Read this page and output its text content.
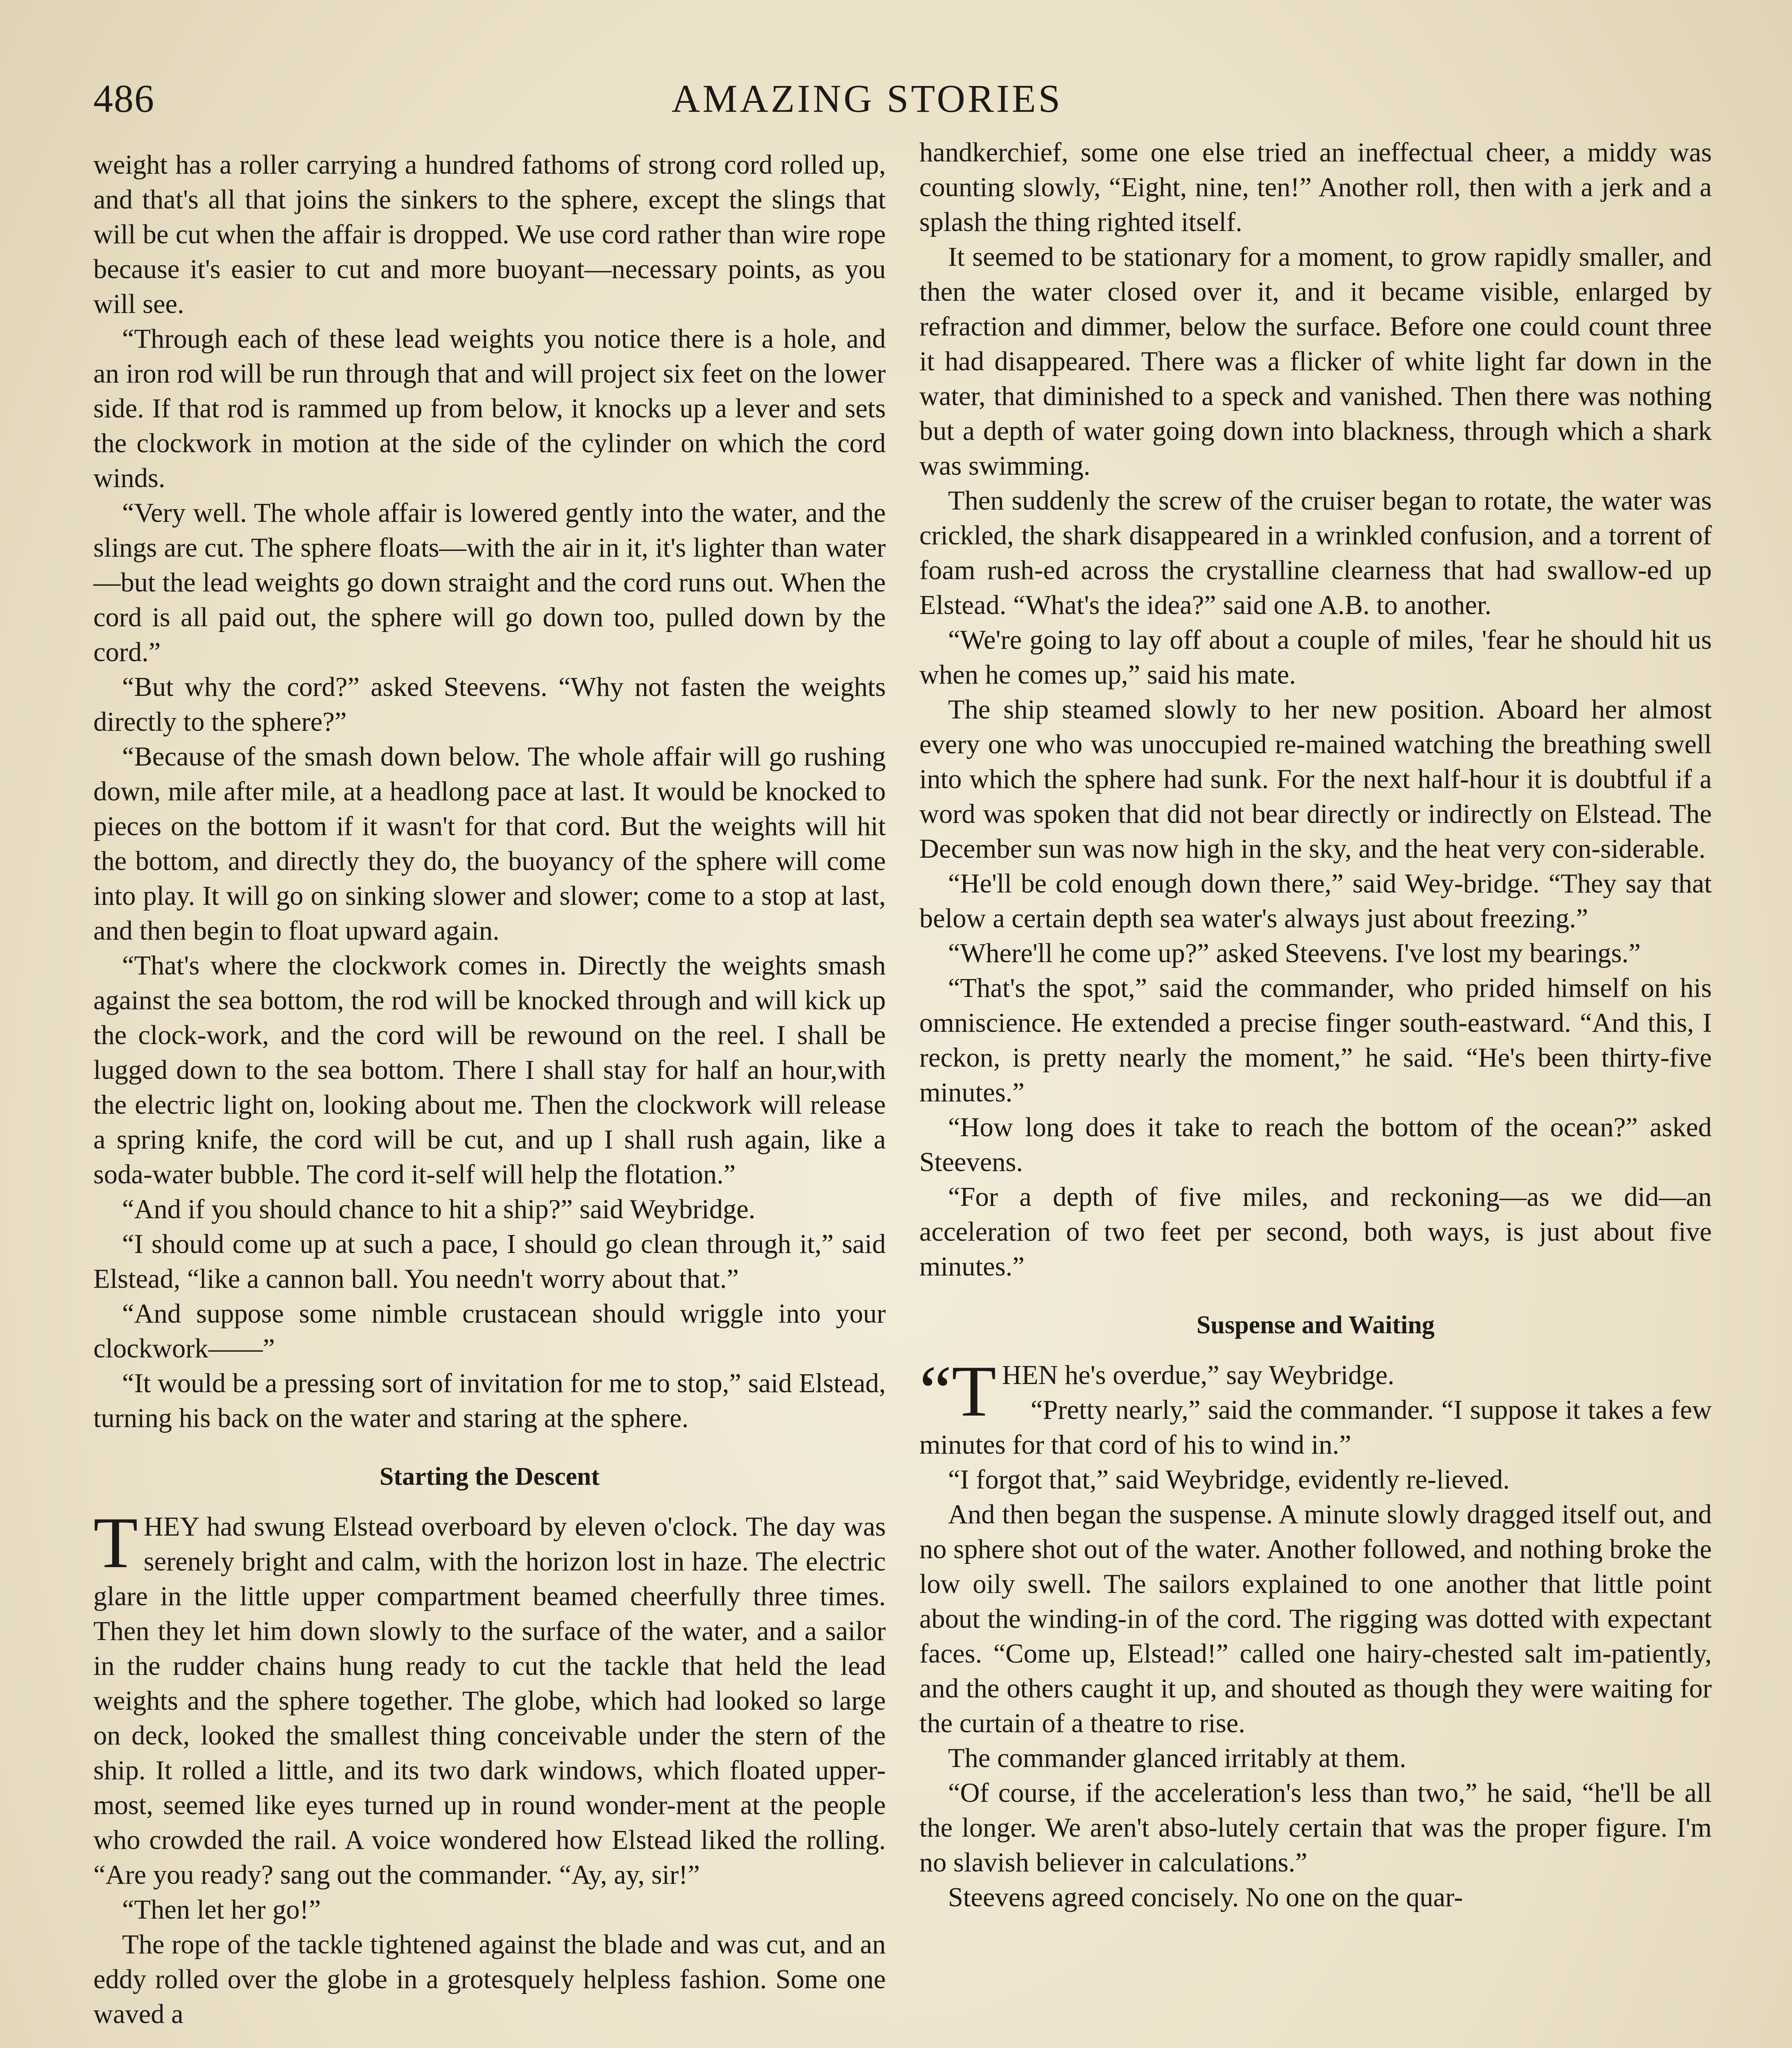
486	AMAZING STORIES

weight has a roller carrying a hundred fathoms of strong cord rolled up, and that's all that joins the sinkers to the sphere, except the slings that will be cut when the affair is dropped. We use cord rather than wire rope because it's easier to cut and more buoyant—necessary points, as you will see.

“Through each of these lead weights you notice there is a hole, and an iron rod will be run through that and will project six feet on the lower side. If that rod is rammed up from below, it knocks up a lever and sets the clockwork in motion at the side of the cylinder on which the cord winds.

“Very well. The whole affair is lowered gently into the water, and the slings are cut. The sphere floats—with the air in it, it's lighter than water—but the lead weights go down straight and the cord runs out. When the cord is all paid out, the sphere will go down too, pulled down by the cord.”

“But why the cord?” asked Steevens. “Why not fasten the weights directly to the sphere?”

“Because of the smash down below. The whole affair will go rushing down, mile after mile, at a headlong pace at last. It would be knocked to pieces on the bottom if it wasn't for that cord. But the weights will hit the bottom, and directly they do, the buoyancy of the sphere will come into play. It will go on sinking slower and slower; come to a stop at last, and then begin to float upward again.

“That's where the clockwork comes in. Directly the weights smash against the sea bottom, the rod will be knocked through and will kick up the clock-work, and the cord will be rewound on the reel. I shall be lugged down to the sea bottom. There I shall stay for half an hour,with the electric light on, looking about me. Then the clockwork will release a spring knife, the cord will be cut, and up I shall rush again, like a soda-water bubble. The cord it-self will help the flotation.”

“And if you should chance to hit a ship?” said Weybridge.

“I should come up at such a pace, I should go clean through it,” said Elstead, “like a cannon ball. You needn't worry about that.”

“And suppose some nimble crustacean should wriggle into your clockwork——”

“It would be a pressing sort of invitation for me to stop,” said Elstead, turning his back on the water and staring at the sphere.

Starting the Descent

THEY had swung Elstead overboard by eleven o'clock. The day was serenely bright and calm, with the horizon lost in haze. The electric glare in the little upper compartment beamed cheerfully three times. Then they let him down slowly to the surface of the water, and a sailor in the rudder chains hung ready to cut the tackle that held the lead weights and the sphere together. The globe, which had looked so large on deck, looked the smallest thing conceivable under the stern of the ship. It rolled a little, and its two dark windows, which floated upper-most, seemed like eyes turned up in round wonder-ment at the people who crowded the rail. A voice wondered how Elstead liked the rolling. “Are you ready? sang out the commander. “Ay, ay, sir!”

“Then let her go!”

The rope of the tackle tightened against the blade and was cut, and an eddy rolled over the globe in a grotesquely helpless fashion. Some one waved a

handkerchief, some one else tried an ineffectual cheer, a middy was counting slowly, “Eight, nine, ten!” Another roll, then with a jerk and a splash the thing righted itself.

It seemed to be stationary for a moment, to grow rapidly smaller, and then the water closed over it, and it became visible, enlarged by refraction and dimmer, below the surface. Before one could count three it had disappeared. There was a flicker of white light far down in the water, that diminished to a speck and vanished. Then there was nothing but a depth of water going down into blackness, through which a shark was swimming.

Then suddenly the screw of the cruiser began to rotate, the water was crickled, the shark disappeared in a wrinkled confusion, and a torrent of foam rush-ed across the crystalline clearness that had swallow-ed up Elstead. “What's the idea?” said one A.B. to another.

“We're going to lay off about a couple of miles, 'fear he should hit us when he comes up,” said his mate.

The ship steamed slowly to her new position. Aboard her almost every one who was unoccupied re-mained watching the breathing swell into which the sphere had sunk. For the next half-hour it is doubtful if a word was spoken that did not bear directly or indirectly on Elstead. The December sun was now high in the sky, and the heat very con-siderable.

“He'll be cold enough down there,” said Wey-bridge. “They say that below a certain depth sea water's always just about freezing.”

“Where'll he come up?” asked Steevens. I've lost my bearings.”

“That's the spot,” said the commander, who prided himself on his omniscience. He extended a precise finger south-eastward. “And this, I reckon, is pretty nearly the moment,” he said. “He's been thirty-five minutes.”

“How long does it take to reach the bottom of the ocean?” asked Steevens.

“For a depth of five miles, and reckoning—as we did—an acceleration of two feet per second, both ways, is just about five minutes.”

Suspense and Waiting

“THEN he's overdue,” say Weybridge.

“Pretty nearly,” said the commander. “I suppose it takes a few minutes for that cord of his to wind in.”

“I forgot that,” said Weybridge, evidently re-lieved.

And then began the suspense. A minute slowly dragged itself out, and no sphere shot out of the water. Another followed, and nothing broke the low oily swell. The sailors explained to one another that little point about the winding-in of the cord. The rigging was dotted with expectant faces. “Come up, Elstead!” called one hairy-chested salt im-patiently, and the others caught it up, and shouted as though they were waiting for the curtain of a theatre to rise.

The commander glanced irritably at them.

“Of course, if the acceleration's less than two,” he said, “he'll be all the longer. We aren't abso-lutely certain that was the proper figure. I'm no slavish believer in calculations.”

Steevens agreed concisely. No one on the quar-
